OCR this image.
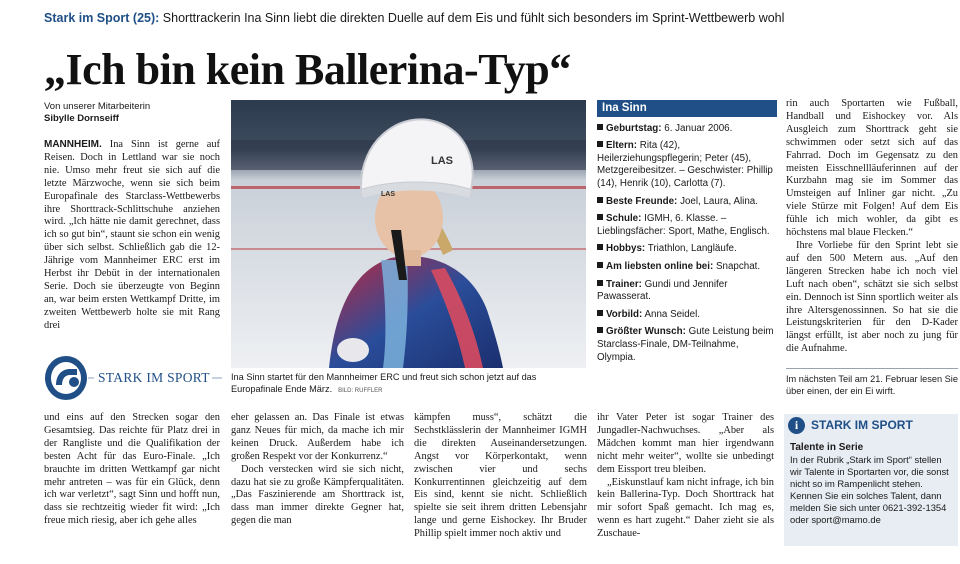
Stark im Sport (25): Shorttrackerin Ina Sinn liebt die direkten Duelle auf dem Eis und fühlt sich besonders im Sprint-Wettbewerb wohl
„Ich bin kein Ballerina-Typ“
Von unserer Mitarbeiterin
Sibylle Dornseiff

MANNHEIM. Ina Sinn ist gerne auf Reisen. Doch in Lettland war sie noch nie. Umso mehr freut sie sich auf die letzte Märzwoche, wenn sie sich beim Europafinale des Starclass-Wettbewerbs ihre Shorttrack-Schlittschuhe anziehen wird. „Ich hätte nie damit gerechnet, dass ich so gut bin“, staunt sie schon ein wenig über sich selbst. Schließlich gab die 12-Jährige vom Mannheimer ERC erst im Herbst ihr Debüt in der internationalen Serie. Doch sie überzeugte von Beginn an, war beim ersten Wettkampf Dritte, im zweiten Wettbewerb holte sie mit Rang drei

STARK IM SPORT

und eins auf den Strecken sogar den Gesamtsieg. Das reichte für Platz drei in der Rangliste und die Qualifikation der besten Acht für das Euro-Finale. „Ich brauchte im dritten Wettkampf gar nicht mehr antreten – was für ein Glück, denn ich war verletzt“, sagt Sinn und hofft nun, dass sie rechtzeitig wieder fit wird: „Ich freue mich riesig, aber ich gehe alles

LAS
LAS
Ina Sinn startet für den Mannheimer ERC und freut sich schon jetzt auf das Europafinale Ende März. BILD: RUFFLER

eher gelassen an. Das Finale ist etwas ganz Neues für mich, da mache ich mir keinen Druck. Außerdem habe ich großen Respekt vor der Konkurrenz.“

Doch verstecken wird sie sich nicht, dazu hat sie zu große Kämpferqualitäten. „Das Faszinierende am Shorttrack ist, dass man immer direkte Gegner hat, gegen die man

kämpfen muss“, schätzt die Sechstklässlerin der Mannheimer IGMH die direkten Auseinandersetzungen. Angst vor Körperkontakt, wenn zwischen vier und sechs Konkurrentinnen gleichzeitig auf dem Eis sind, kennt sie nicht. Schließlich spielte sie seit ihrem dritten Lebensjahr lange und gerne Eishockey. Ihr Bruder Phillip spielt immer noch aktiv und

Ina Sinn
Geburtstag: 6. Januar 2006.
Eltern: Rita (42), Heilerziehungspflegerin; Peter (45), Metzgereibesitzer. – Geschwister: Phillip (14), Henrik (10), Carlotta (7).
Beste Freunde: Joel, Laura, Alina.
Schule: IGMH, 6. Klasse. – Lieblingsfächer: Sport, Mathe, Englisch.
Hobbys: Triathlon, Langläufe.
Am liebsten online bei: Snapchat.
Trainer: Gundi und Jennifer Pawasserat.
Vorbild: Anna Seidel.
Größter Wunsch: Gute Leistung beim Starclass-Finale, DM-Teilnahme, Olympia.

ihr Vater Peter ist sogar Trainer des Jungadler-Nachwuchses. „Aber als Mädchen kommt man hier irgendwann nicht mehr weiter“, wollte sie unbedingt dem Eissport treu bleiben.

„Eiskunstlauf kam nicht infrage, ich bin kein Ballerina-Typ. Doch Shorttrack hat mir sofort Spaß gemacht. Ich mag es, wenn es hart zugeht.“ Daher zieht sie als Zuschaue-

rin auch Sportarten wie Fußball, Handball und Eishockey vor. Als Ausgleich zum Shorttrack geht sie schwimmen oder setzt sich auf das Fahrrad. Doch im Gegensatz zu den meisten Eisschnellläuferinnen auf der Kurzbahn mag sie im Sommer das Umsteigen auf Inliner gar nicht. „Zu viele Stürze mit Folgen! Auf dem Eis fühle ich mich wohler, da gibt es höchstens mal blaue Flecken.“

Ihre Vorliebe für den Sprint lebt sie auf den 500 Metern aus. „Auf den längeren Strecken habe ich noch viel Luft nach oben“, schätzt sie sich selbst ein. Dennoch ist Sinn sportlich weiter als ihre Altersgenossinnen. So hat sie die Leistungskriterien für den D-Kader längst erfüllt, ist aber noch zu jung für die Aufnahme.

Im nächsten Teil am 21. Februar lesen Sie über einen, der ein Ei wirft.
i	STARK IM SPORT
Talente in Serie
In der Rubrik „Stark im Sport“ stellen wir Talente in Sportarten vor, die sonst nicht so im Rampenlicht stehen. Kennen Sie ein solches Talent, dann melden Sie sich unter 0621-392-1354 oder sport@mamo.de
